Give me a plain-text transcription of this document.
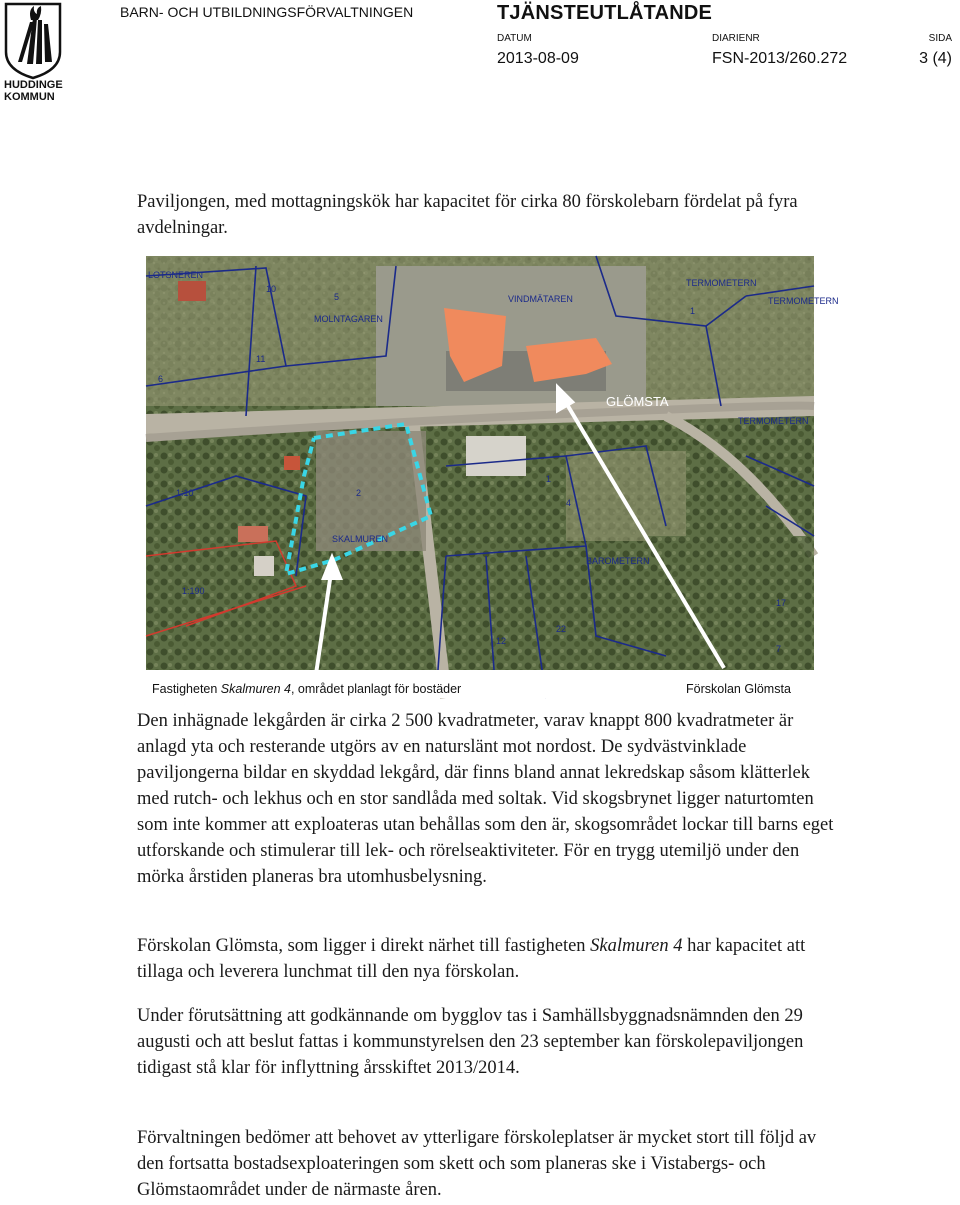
HUDDINGE KOMMUN
BARN- OCH UTBILDNINGSFÖRVALTNINGEN	TJÄNSTEUTLÅTANDE
DATUM
2013-08-09
DIARIENR
FSN-2013/260.272
SIDA
3 (4)

Paviljongen, med mottagningskök har kapacitet för cirka 80 förskolebarn fördelat på fyra avdelningar.

LOTSNEREN
10
5
MOLNTAGAREN
VINDMÄTAREN
TERMOMETERN
1
TERMOMETERN
11
6
GLÖMSTA
TERMOMETERN
1
2
4
SKALMUREN
BAROMETERN
1:10
1:190
12
22
17
7
Fastigheten Skalmuren 4, området planlagt för bostäder	Förskolan Glömsta

Den inhägnade lekgården är cirka 2 500 kvadratmeter, varav knappt 800 kvadratmeter är anlagd yta och resterande utgörs av en naturslänt mot nordost. De sydvästvinklade paviljongerna bildar en skyddad lekgård, där finns bland annat lekredskap såsom klätterlek med rutch- och lekhus och en stor sandlåda med soltak. Vid skogsbrynet ligger naturtomten som inte kommer att exploateras utan behållas som den är, skogsområdet lockar till barns eget utforskande och stimulerar till lek- och rörelseaktiviteter. För en trygg utemiljö under den mörka årstiden planeras bra utomhusbelysning.

Förskolan Glömsta, som ligger i direkt närhet till fastigheten Skalmuren 4 har kapacitet att tillaga och leverera lunchmat till den nya förskolan.

Under förutsättning att godkännande om bygglov tas i Samhällsbyggnadsnämnden den 29 augusti och att beslut fattas i kommunstyrelsen den 23 september kan förskolepaviljongen tidigast stå klar för inflyttning årsskiftet 2013/2014.

Förvaltningen bedömer att behovet av ytterligare förskoleplatser är mycket stort till följd av den fortsatta bostadsexploateringen som skett och som planeras ske i Vistabergs- och Glömstaområdet under de närmaste åren.
